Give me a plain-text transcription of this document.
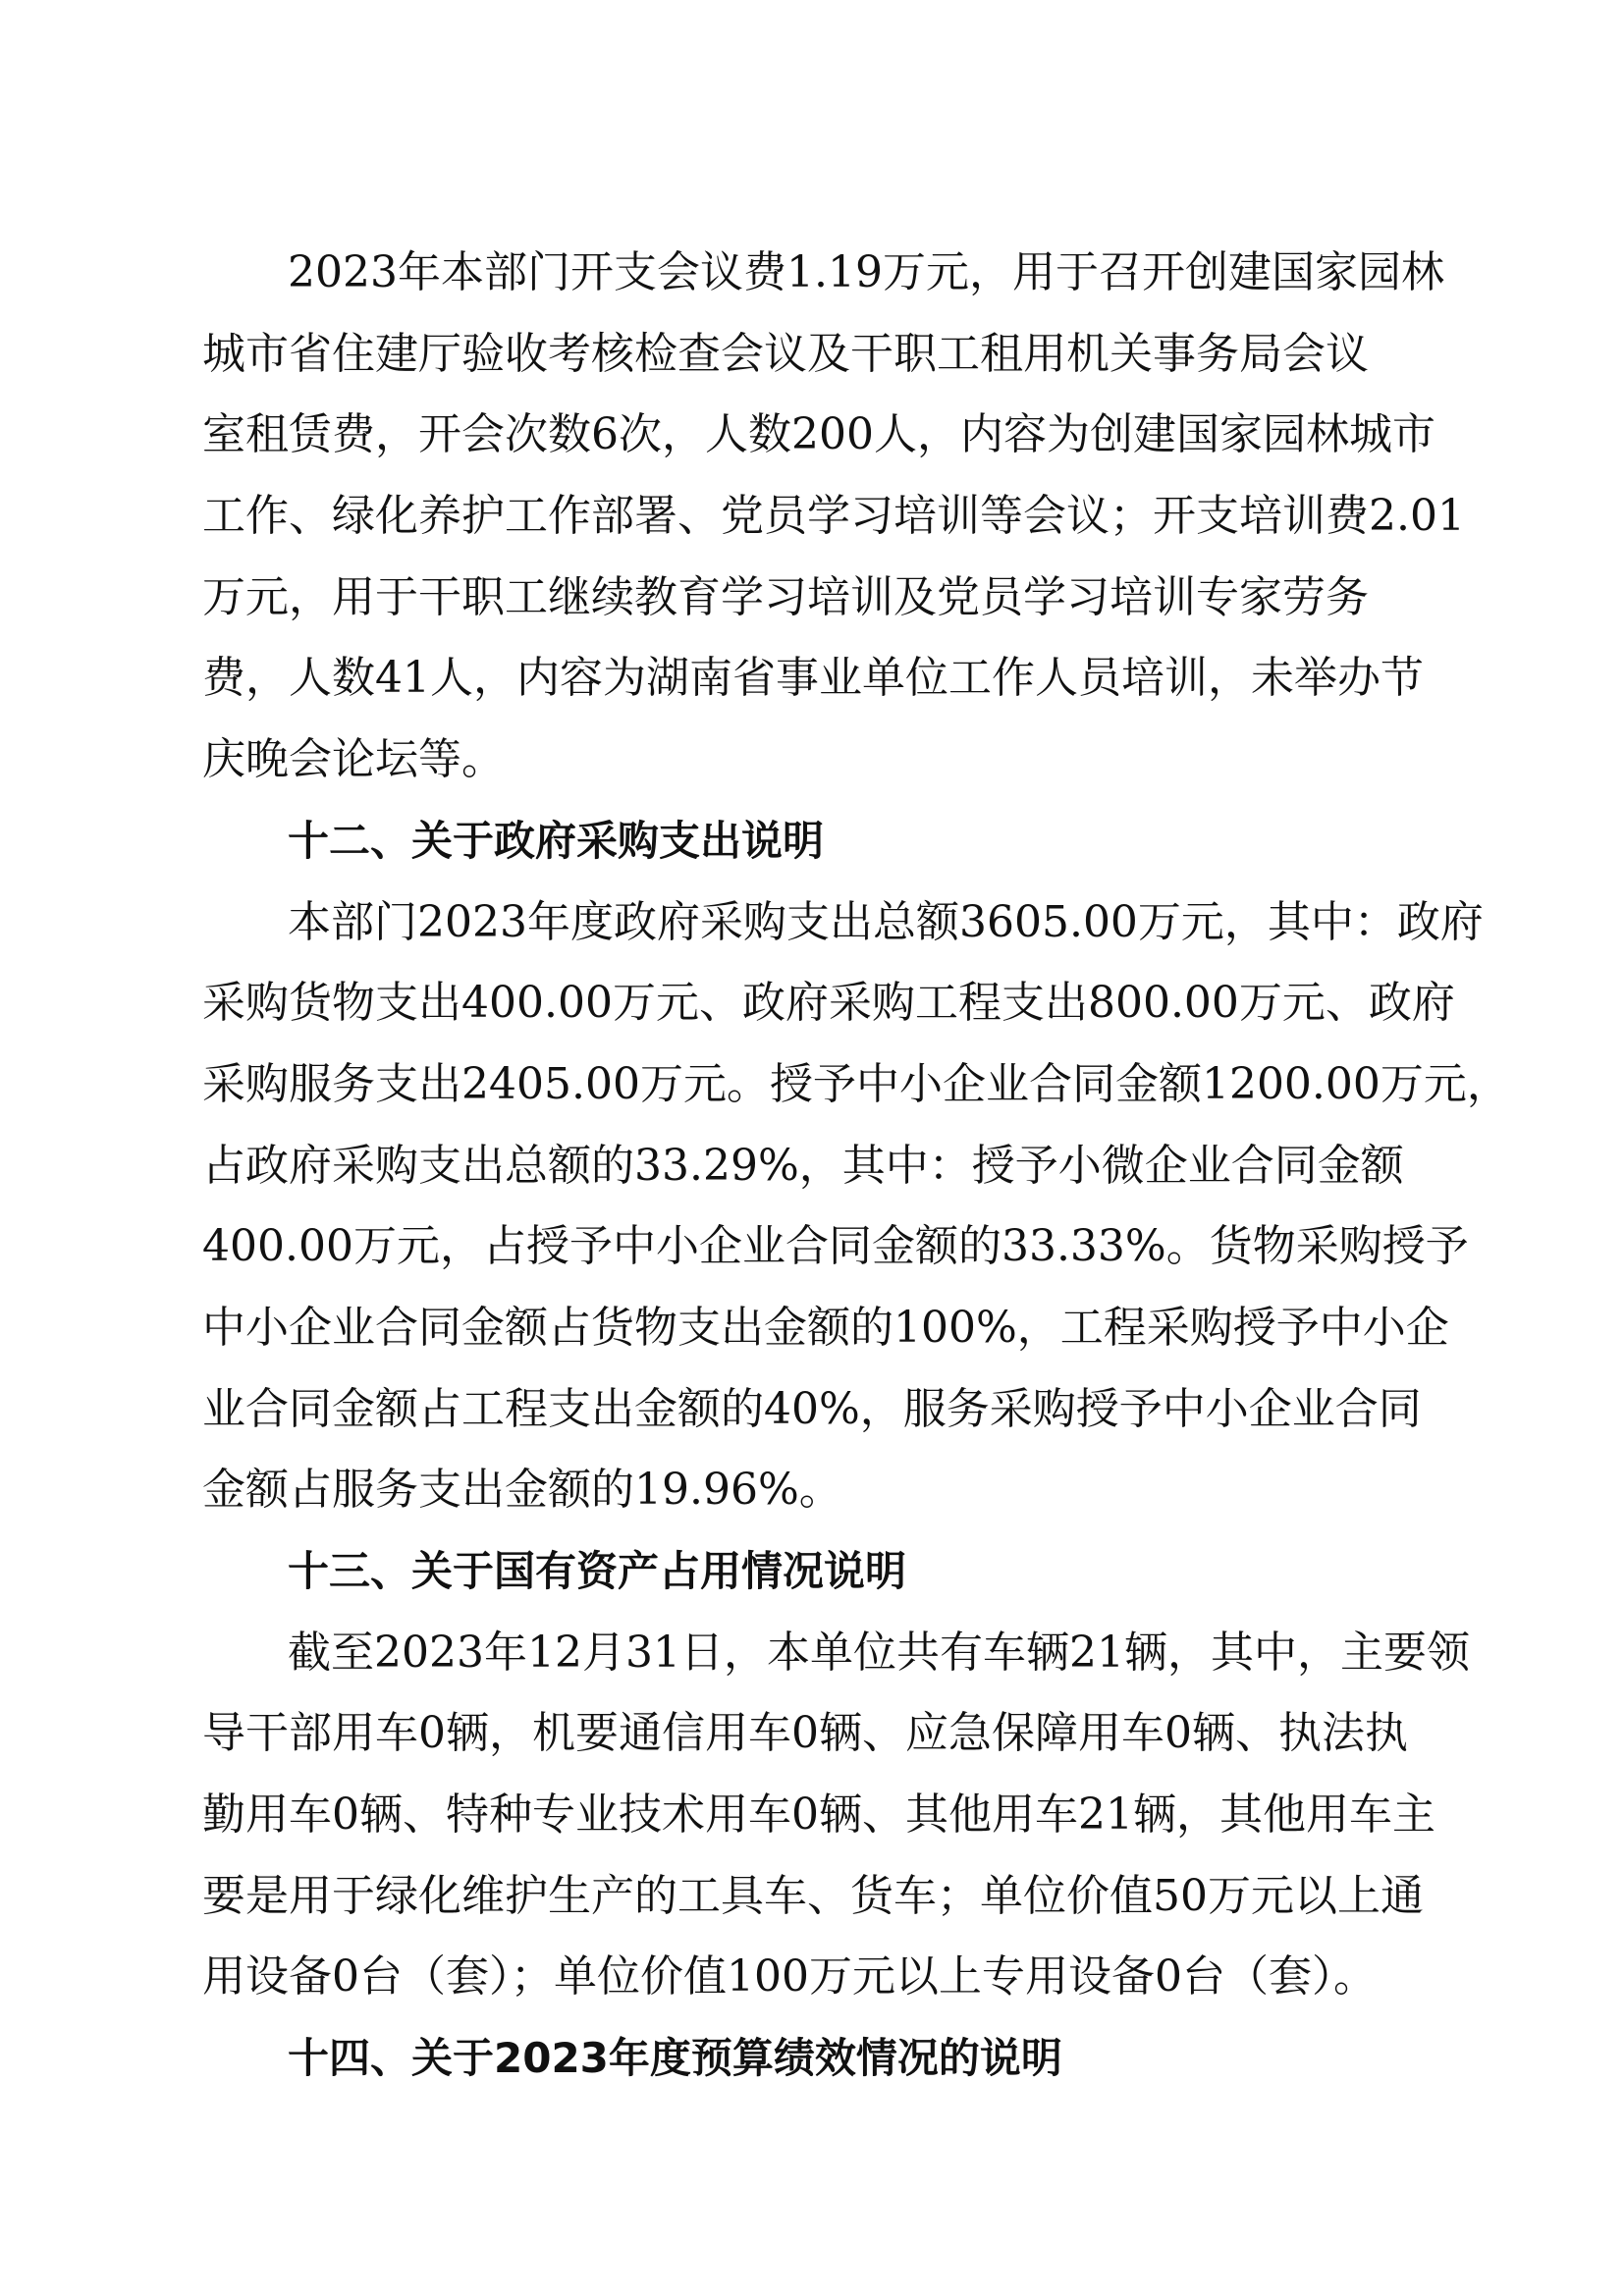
2023年本部门开支会议费1.19万元，用于召开创建国家园林
城市省住建厅验收考核检查会议及干职工租用机关事务局会议
室租赁费，开会次数6次，人数200人，内容为创建国家园林城市
工作、绿化养护工作部署、党员学习培训等会议；开支培训费2.01
万元，用于干职工继续教育学习培训及党员学习培训专家劳务
费，人数41人，内容为湖南省事业单位工作人员培训，未举办节
庆晚会论坛等。
十二、关于政府采购支出说明
本部门2023年度政府采购支出总额3605.00万元，其中：政府
采购货物支出400.00万元、政府采购工程支出800.00万元、政府
采购服务支出2405.00万元。授予中小企业合同金额1200.00万元，
占政府采购支出总额的33.29%，其中：授予小微企业合同金额
400.00万元，占授予中小企业合同金额的33.33%。货物采购授予
中小企业合同金额占货物支出金额的100%，工程采购授予中小企
业合同金额占工程支出金额的40%，服务采购授予中小企业合同
金额占服务支出金额的19.96%。
十三、关于国有资产占用情况说明
截至2023年12月31日，本单位共有车辆21辆，其中，主要领
导干部用车0辆，机要通信用车0辆、应急保障用车0辆、执法执
勤用车0辆、特种专业技术用车0辆、其他用车21辆，其他用车主
要是用于绿化维护生产的工具车、货车；单位价值50万元以上通
用设备0台（套）；单位价值100万元以上专用设备0台（套）。
十四、关于2023年度预算绩效情况的说明
